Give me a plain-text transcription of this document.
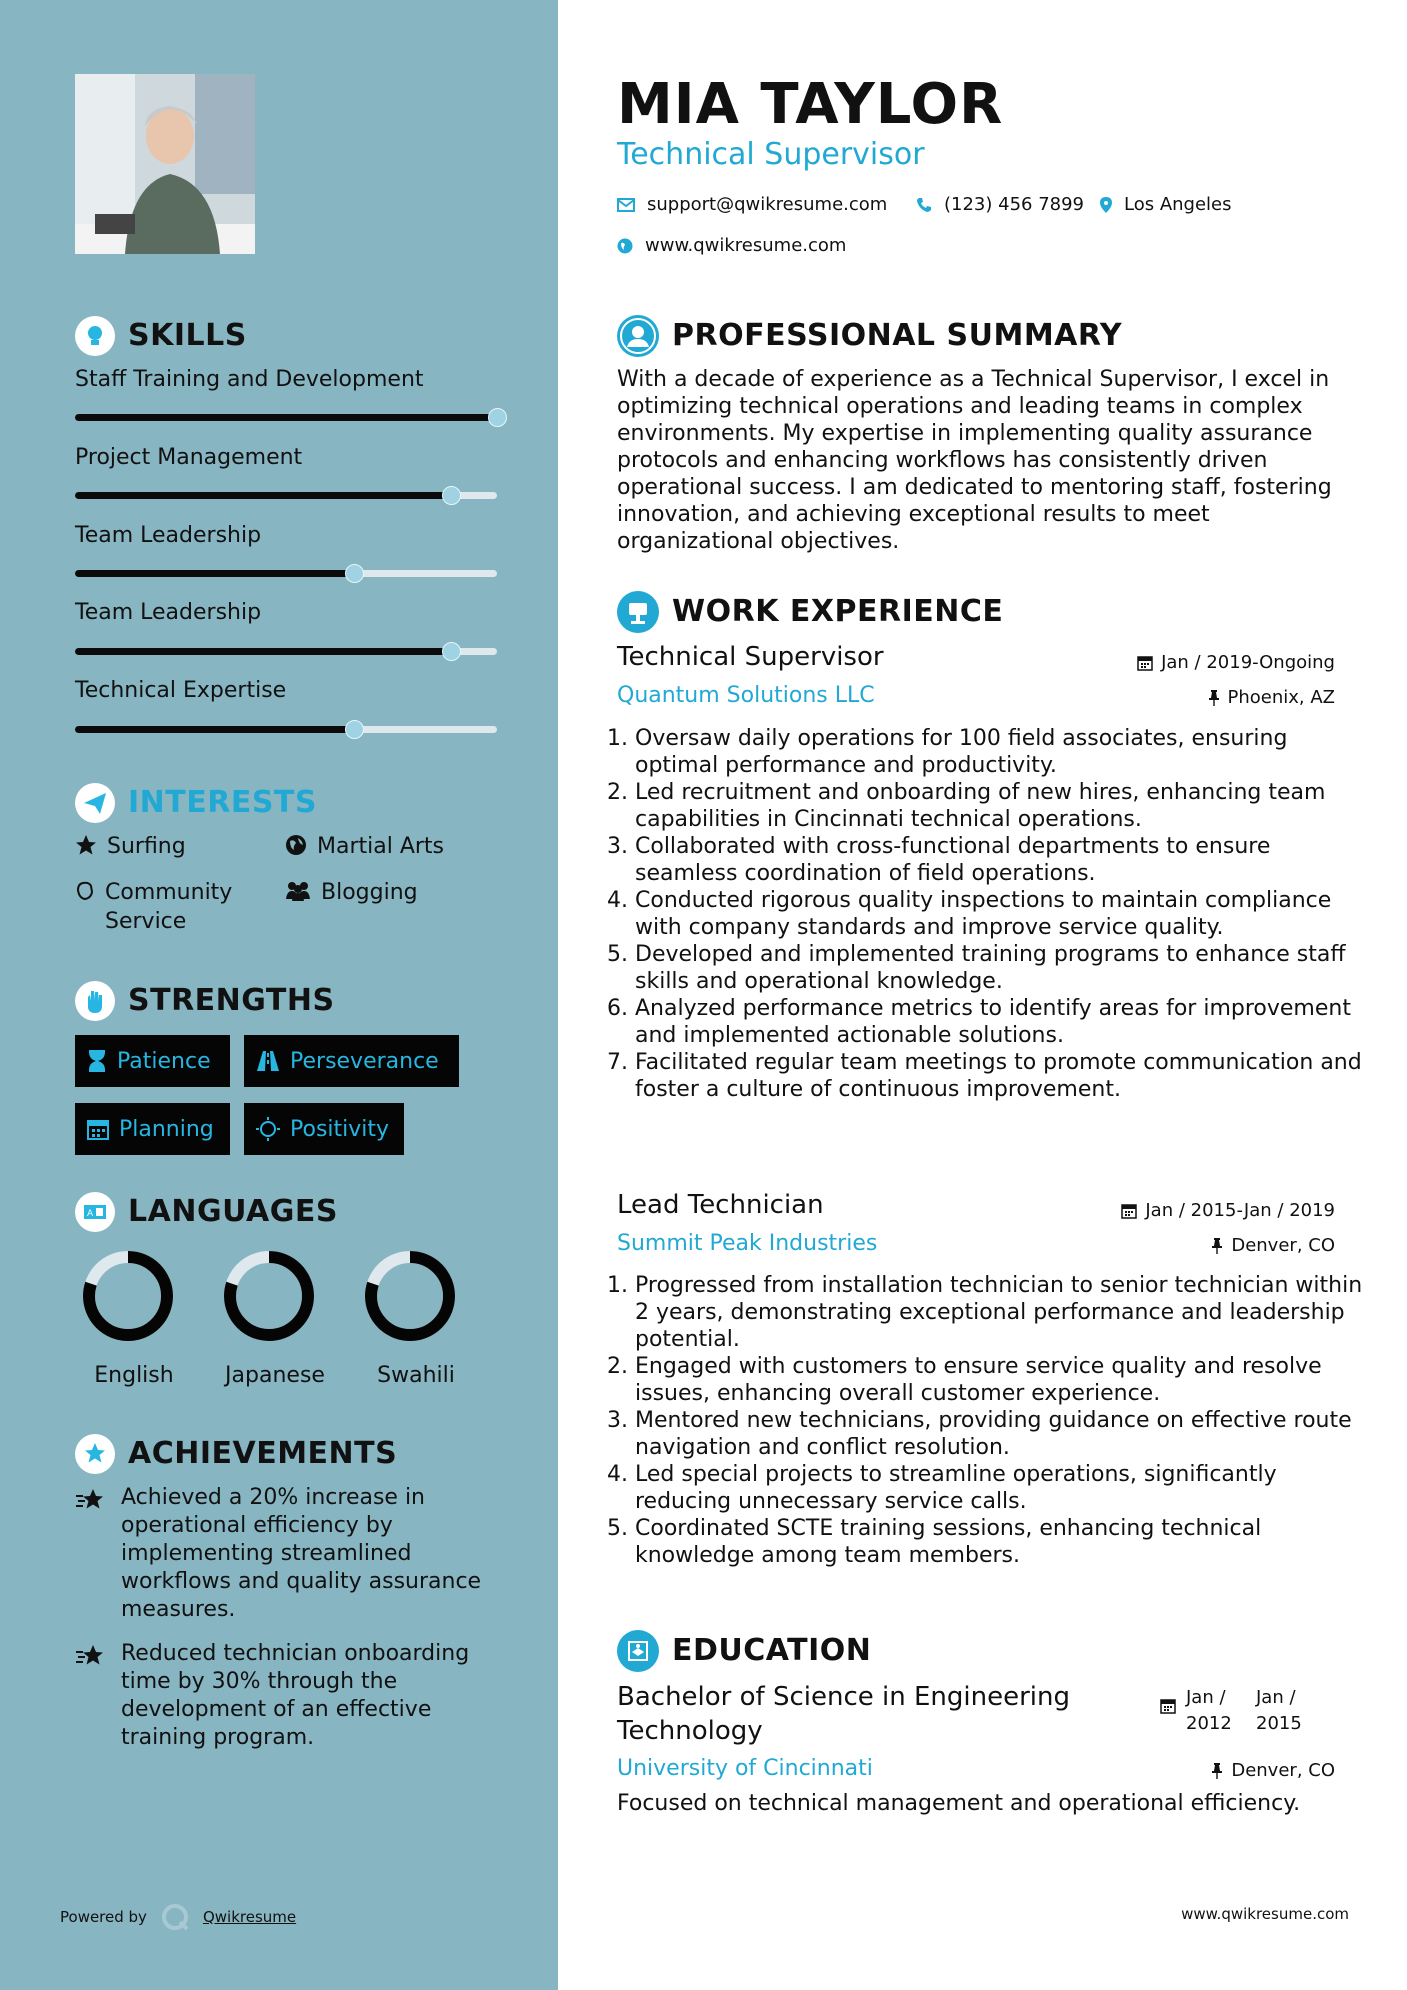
SKILLS
Staff Training and Development
Project Management
Team Leadership
Team Leadership
Technical Expertise
INTERESTS
Surfing	Martial Arts
Community Service
Blogging
STRENGTHS
Patience	Perseverance
Planning	Positivity
A LANGUAGES
English	Japanese	Swahili
ACHIEVEMENTS
Achieved a 20% increase in operational efficiency by implementing streamlined workflows and quality assurance measures.
Reduced technician onboarding time by 30% through the development of an effective training program.
Powered by	Qwikresume
MIA TAYLOR
Technical Supervisor
support@qwikresume.com	(123) 456 7899 Los Angeles
www.qwikresume.com
PROFESSIONAL SUMMARY
With a decade of experience as a Technical Supervisor, I excel in optimizing technical operations and leading teams in complex environments. My expertise in implementing quality assurance protocols and enhancing workflows has consistently driven operational success. I am dedicated to mentoring staff, fostering innovation, and achieving exceptional results to meet organizational objectives.
WORK EXPERIENCE
Technical Supervisor	Jan / 2019-Ongoing
Quantum Solutions LLC	Phoenix, AZ
1. Oversaw daily operations for 100 field associates, ensuring optimal performance and productivity.
2. Led recruitment and onboarding of new hires, enhancing team capabilities in Cincinnati technical operations.
3. Collaborated with cross-functional departments to ensure seamless coordination of field operations.
4. Conducted rigorous quality inspections to maintain compliance with company standards and improve service quality.
5. Developed and implemented training programs to enhance staff skills and operational knowledge.
6. Analyzed performance metrics to identify areas for improvement and implemented actionable solutions.
7. Facilitated regular team meetings to promote communication and foster a culture of continuous improvement.
Lead Technician	Jan / 2015-Jan / 2019
Summit Peak Industries	Denver, CO
1. Progressed from installation technician to senior technician within 2 years, demonstrating exceptional performance and leadership potential.
2. Engaged with customers to ensure service quality and resolve issues, enhancing overall customer experience.
3. Mentored new technicians, providing guidance on effective route navigation and conflict resolution.
4. Led special projects to streamline operations, significantly reducing unnecessary service calls.
5. Coordinated SCTE training sessions, enhancing technical knowledge among team members.
EDUCATION
Bachelor of Science in Engineering Technology
Jan / 2012
Jan / 2015
University of Cincinnati	Denver, CO
Focused on technical management and operational efficiency.
www.qwikresume.com
